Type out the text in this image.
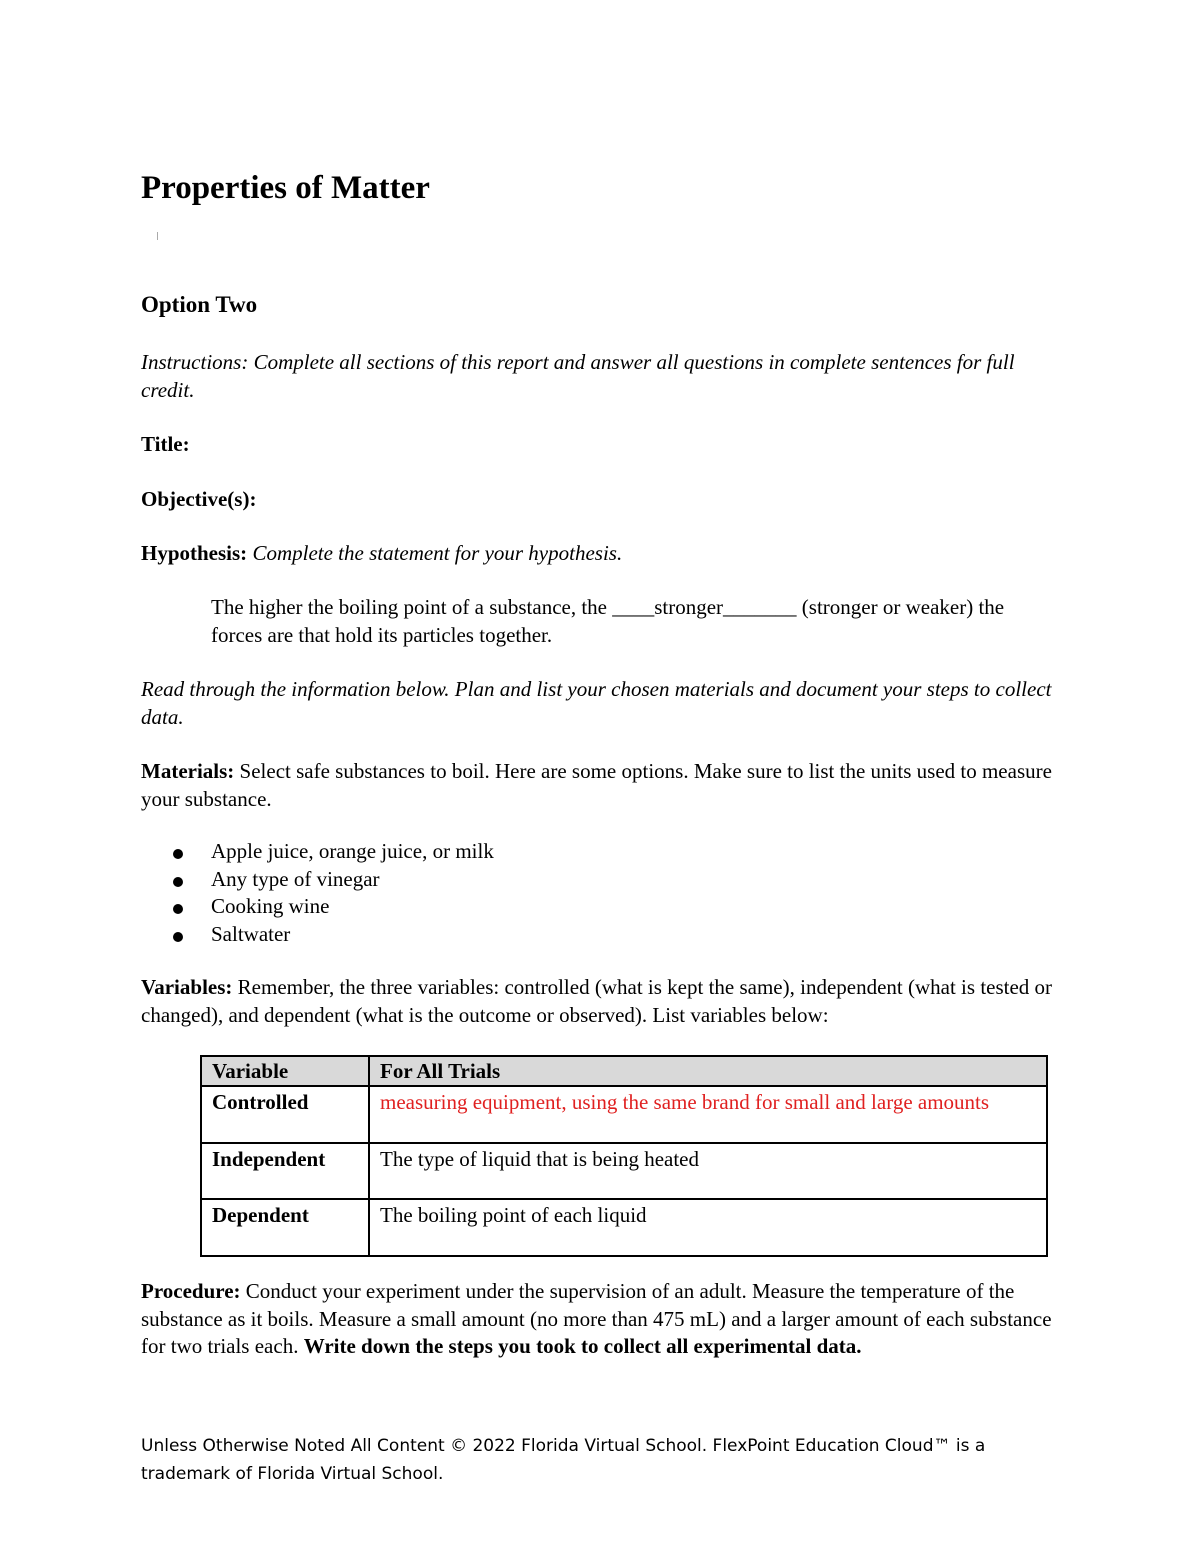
Properties of Matter
Option Two

Instructions: Complete all sections of this report and answer all questions in complete sentences for full credit.

Title:

Objective(s):

Hypothesis: Complete the statement for your hypothesis.

The higher the boiling point of a substance, the ____stronger_______ (stronger or weaker) the forces are that hold its particles together.

Read through the information below. Plan and list your chosen materials and document your steps to collect data.

Materials: Select safe substances to boil. Here are some options. Make sure to list the units used to measure your substance.

Apple juice, orange juice, or milk
Any type of vinegar
Cooking wine
Saltwater

Variables: Remember, the three variables: controlled (what is kept the same), independent (what is tested or changed), and dependent (what is the outcome or observed). List variables below:

Variable	For All Trials
Controlled	measuring equipment, using the same brand for small and large amounts
Independent	The type of liquid that is being heated
Dependent	The boiling point of each liquid

Procedure: Conduct your experiment under the supervision of an adult. Measure the temperature of the substance as it boils. Measure a small amount (no more than 475 mL) and a larger amount of each substance for two trials each. Write down the steps you took to collect all experimental data.

Unless Otherwise Noted All Content © 2022 Florida Virtual School. FlexPoint Education Cloud™ is a trademark of Florida Virtual School.
